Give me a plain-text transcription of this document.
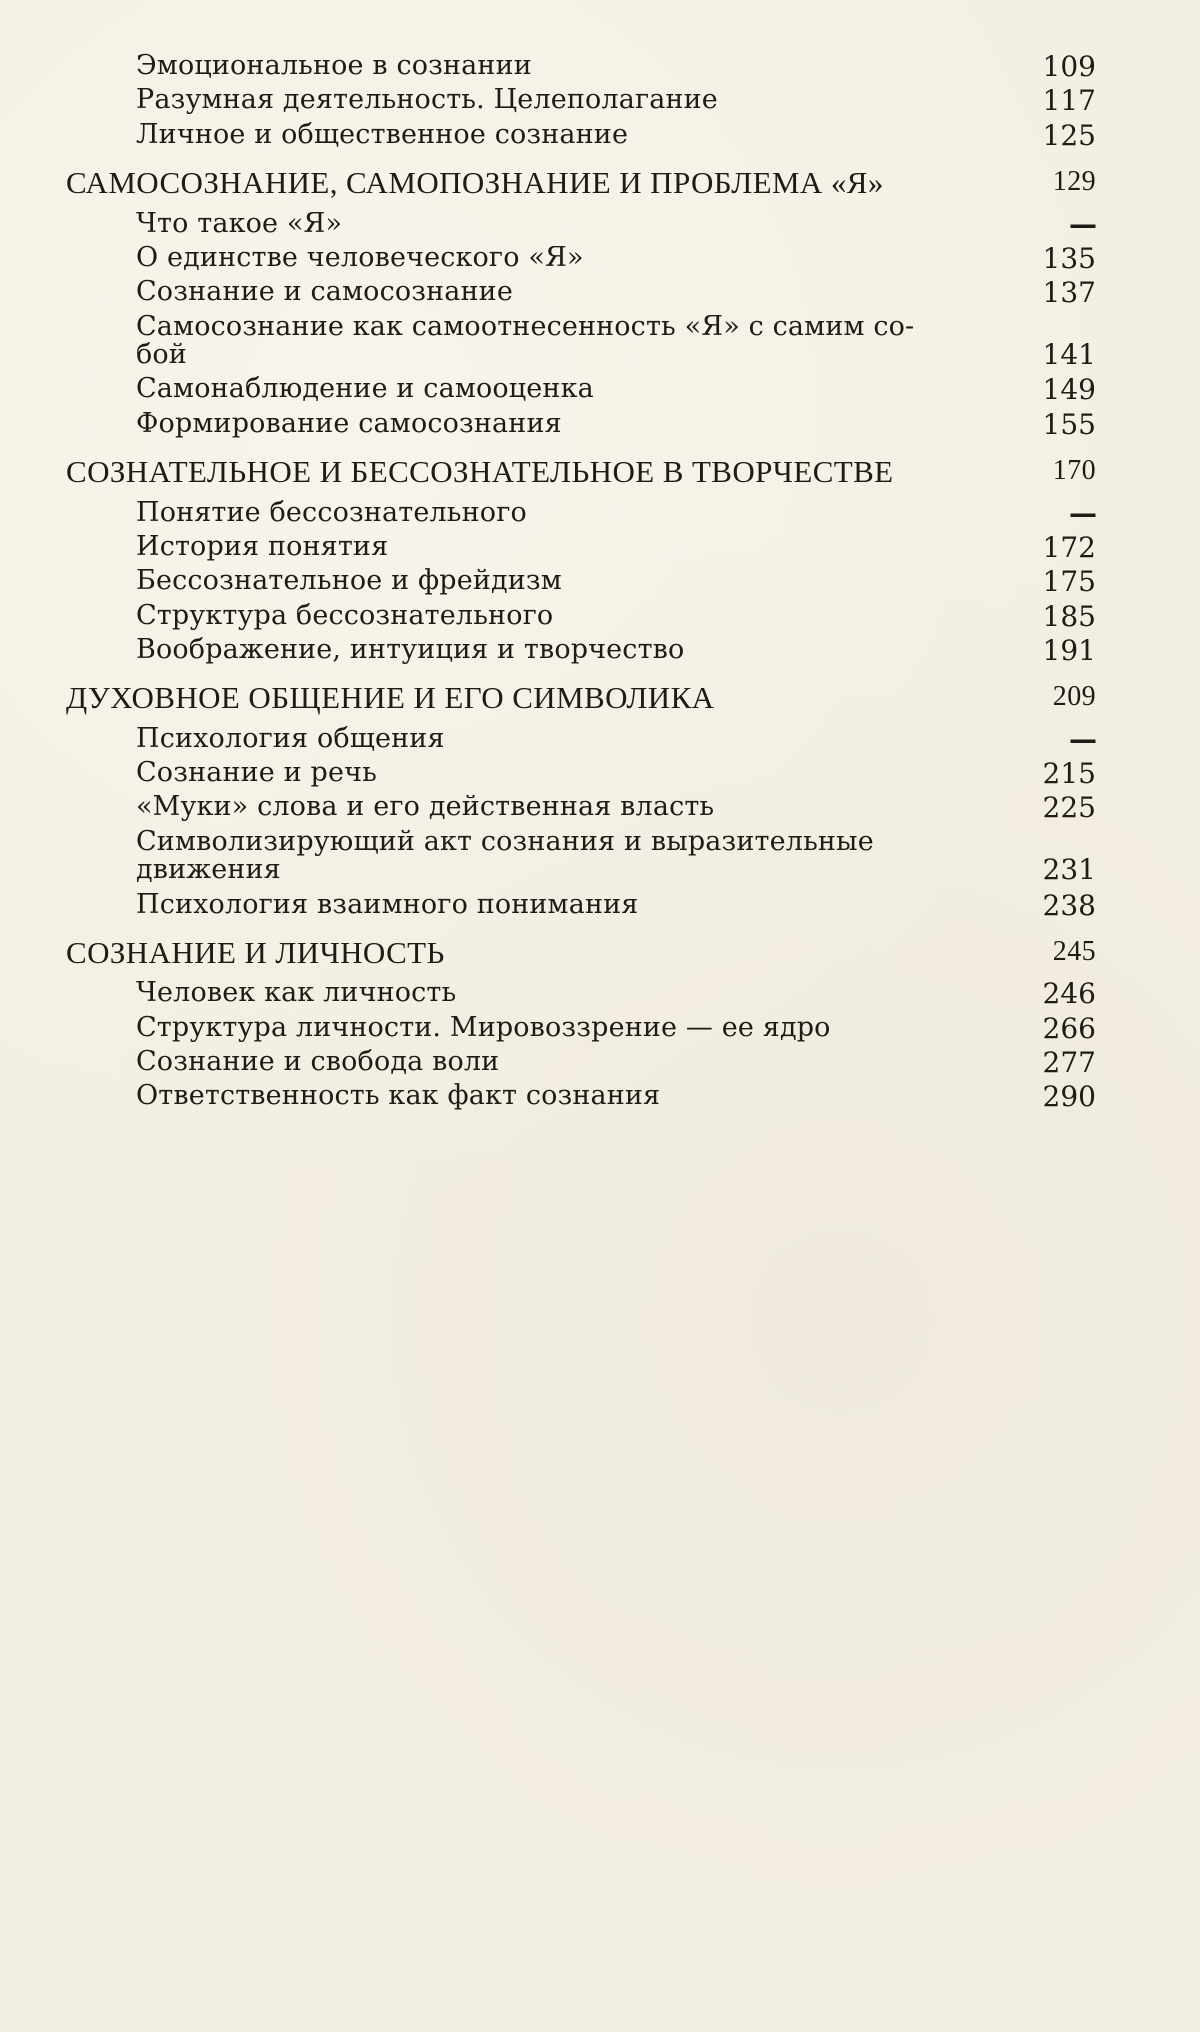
Эмоциональное в сознании	109
Разумная деятельность. Целеполагание	117
Личное и общественное сознание	125
САМОСОЗНАНИЕ, САМОПОЗНАНИЕ И ПРОБЛЕМА «Я»	129
Что такое «Я»	—
О единстве человеческого «Я»	135
Сознание и самосознание	137
Самосознание как самоотнесенность «Я» с самим со-
бой	141
Самонаблюдение и самооценка	149
Формирование самосознания	155
СОЗНАТЕЛЬНОЕ И БЕССОЗНАТЕЛЬНОЕ В ТВОРЧЕСТВЕ	170
Понятие бессознательного	—
История понятия	172
Бессознательное и фрейдизм	175
Структура бессознательного	185
Воображение, интуиция и творчество	191
ДУХОВНОЕ ОБЩЕНИЕ И ЕГО СИМВОЛИКА	209
Психология общения	—
Сознание и речь	215
«Муки» слова и его действенная власть	225
Символизирующий акт сознания и выразительные
движения	231
Психология взаимного понимания	238
СОЗНАНИЕ И ЛИЧНОСТЬ	245
Человек как личность	246
Структура личности. Мировоззрение — ее ядро	266
Сознание и свобода воли	277
Ответственность как факт сознания	290
